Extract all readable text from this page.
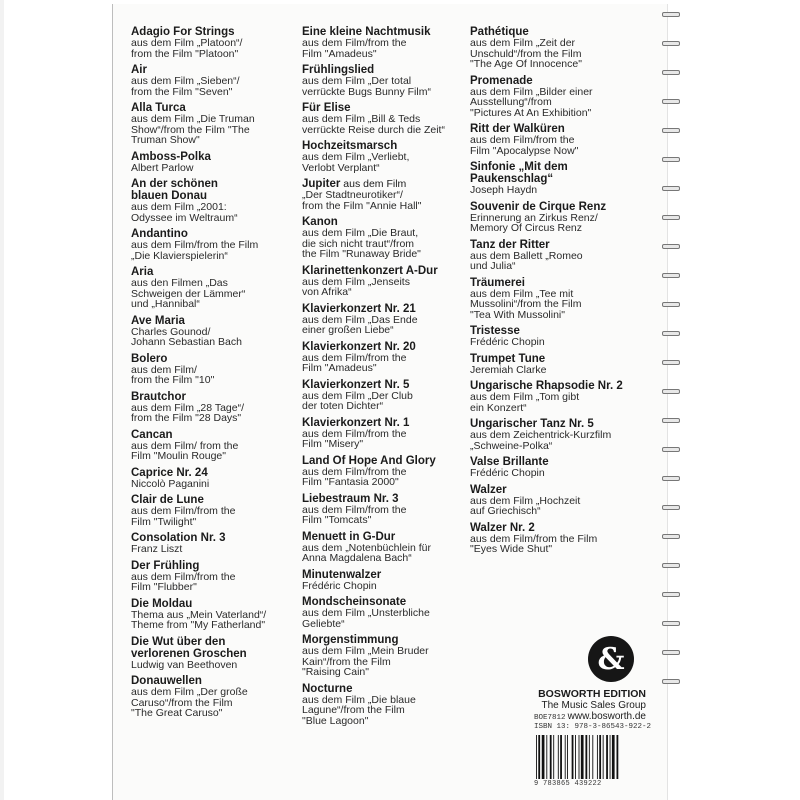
Adagio For Strings
aus dem Film „Platoon“/
from the Film "Platoon"
Air
aus dem Film „Sieben“/
from the Film "Seven"
Alla Turca
aus dem Film „Die Truman
Show“/from the Film "The
Truman Show"
Amboss-Polka
Albert Parlow
An der schönen
blauen Donau
aus dem Film „2001:
Odyssee im Weltraum“
Andantino
aus dem Film/from the Film
„Die Klavierspielerin“
Aria
aus den Filmen „Das
Schweigen der Lämmer“
und „Hannibal“
Ave Maria
Charles Gounod/
Johann Sebastian Bach
Bolero
aus dem Film/
from the Film "10"
Brautchor
aus dem Film „28 Tage“/
from the Film "28 Days"
Cancan
aus dem Film/ from the
Film "Moulin Rouge"
Caprice Nr. 24
Niccolò Paganini
Clair de Lune
aus dem Film/from the
Film "Twilight"
Consolation Nr. 3
Franz Liszt
Der Frühling
aus dem Film/from the
Film "Flubber"
Die Moldau
Thema aus „Mein Vaterland“/
Theme from "My Fatherland"
Die Wut über den
verlorenen Groschen
Ludwig van Beethoven
Donauwellen
aus dem Film „Der große
Caruso“/from the Film
"The Great Caruso"
Eine kleine Nachtmusik
aus dem Film/from the
Film "Amadeus"
Frühlingslied
aus dem Film „Der total
verrückte Bugs Bunny Film“
Für Elise
aus dem Film „Bill & Teds
verrückte Reise durch die Zeit“
Hochzeitsmarsch
aus dem Film „Verliebt,
Verlobt Verplant“
Jupiter aus dem Film
„Der Stadtneurotiker“/
from the Film "Annie Hall"
Kanon
aus dem Film „Die Braut,
die sich nicht traut“/from
the Film "Runaway Bride"
Klarinettenkonzert A-Dur
aus dem Film „Jenseits
von Afrika“
Klavierkonzert Nr. 21
aus dem Film „Das Ende
einer großen Liebe“
Klavierkonzert Nr. 20
aus dem Film/from the
Film "Amadeus"
Klavierkonzert Nr. 5
aus dem Film „Der Club
der toten Dichter“
Klavierkonzert Nr. 1
aus dem Film/from the
Film "Misery"
Land Of Hope And Glory
aus dem Film/from the
Film "Fantasia 2000"
Liebestraum Nr. 3
aus dem Film/from the
Film "Tomcats"
Menuett in G-Dur
aus dem „Notenbüchlein für
Anna Magdalena Bach“
Minutenwalzer
Frédéric Chopin
Mondscheinsonate
aus dem Film „Unsterbliche
Geliebte“
Morgenstimmung
aus dem Film „Mein Bruder
Kain“/from the Film
"Raising Cain"
Nocturne
aus dem Film „Die blaue
Lagune“/from the Film
"Blue Lagoon"
Pathétique
aus dem Film „Zeit der
Unschuld“/from the Film
"The Age Of Innocence"
Promenade
aus dem Film „Bilder einer
Ausstellung“/from
"Pictures At An Exhibition"
Ritt der Walküren
aus dem Film/from the
Film "Apocalypse Now"
Sinfonie „Mit dem
Paukenschlag“
Joseph Haydn
Souvenir de Cirque Renz
Erinnerung an Zirkus Renz/
Memory Of Circus Renz
Tanz der Ritter
aus dem Ballett „Romeo
und Julia“
Träumerei
aus dem Film „Tee mit
Mussolini“/from the Film
"Tea With Mussolini"
Tristesse
Frédéric Chopin
Trumpet Tune
Jeremiah Clarke
Ungarische Rhapsodie Nr. 2
aus dem Film „Tom gibt
ein Konzert“
Ungarischer Tanz Nr. 5
aus dem Zeichentrick-Kurzfilm
„Schweine-Polka“
Valse Brillante
Frédéric Chopin
Walzer
aus dem Film „Hochzeit
auf Griechisch“
Walzer Nr. 2
aus dem Film/from the Film
"Eyes Wide Shut"
&
BOSWORTH EDITION
The Music Sales Group
www.bosworth.de
BOE7812
ISBN 13: 978-3-86543-922-2
9 783865 439222
